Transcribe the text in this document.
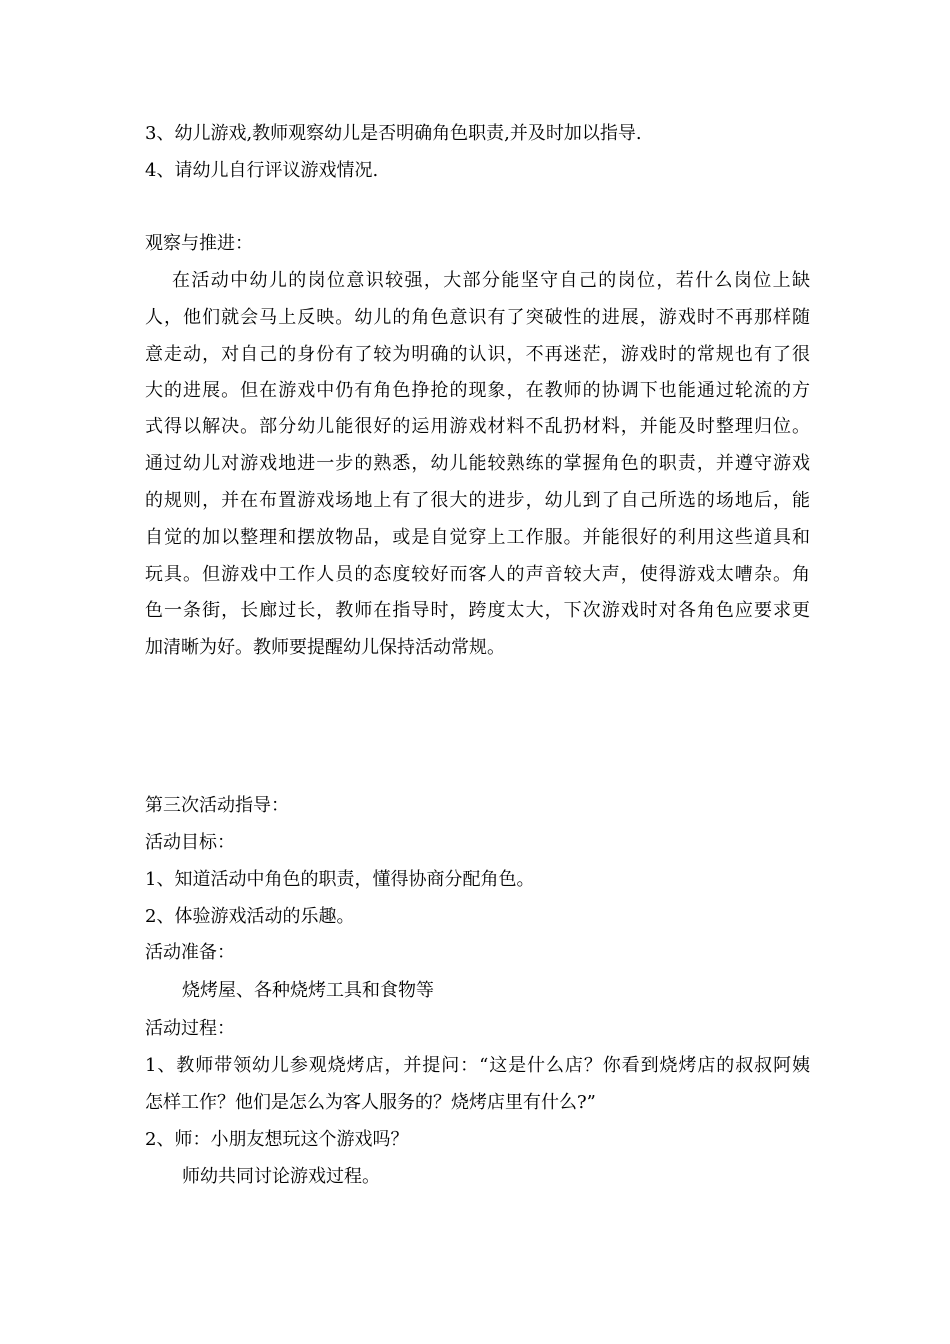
3、幼儿游戏,教师观察幼儿是否明确角色职责,并及时加以指导.
4、请幼儿自行评议游戏情况.
观察与推进：
在活动中幼儿的岗位意识较强，大部分能坚守自己的岗位，若什么岗位上缺
人，他们就会马上反映。幼儿的角色意识有了突破性的进展，游戏时不再那样随
意走动，对自己的身份有了较为明确的认识，不再迷茫，游戏时的常规也有了很
大的进展。但在游戏中仍有角色挣抢的现象，在教师的协调下也能通过轮流的方
式得以解决。部分幼儿能很好的运用游戏材料不乱扔材料，并能及时整理归位。
通过幼儿对游戏地进一步的熟悉，幼儿能较熟练的掌握角色的职责，并遵守游戏
的规则，并在布置游戏场地上有了很大的进步，幼儿到了自己所选的场地后，能
自觉的加以整理和摆放物品，或是自觉穿上工作服。并能很好的利用这些道具和
玩具。但游戏中工作人员的态度较好而客人的声音较大声，使得游戏太嘈杂。角
色一条街，长廊过长，教师在指导时，跨度太大，下次游戏时对各角色应要求更
加清晰为好。教师要提醒幼儿保持活动常规。
第三次活动指导：
活动目标：
1、知道活动中角色的职责，懂得协商分配角色。
2、体验游戏活动的乐趣。
活动准备：
烧烤屋、各种烧烤工具和食物等
活动过程：
1、教师带领幼儿参观烧烤店，并提问：“这是什么店？你看到烧烤店的叔叔阿姨
怎样工作？他们是怎么为客人服务的？烧烤店里有什么?”
2、师：小朋友想玩这个游戏吗？
师幼共同讨论游戏过程。
